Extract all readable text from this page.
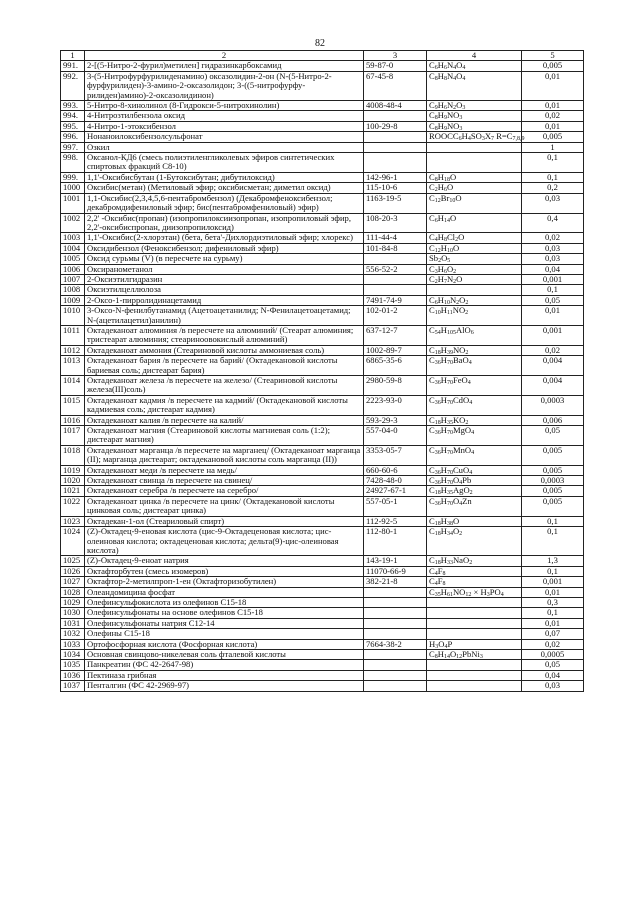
82
1	2	3	4	5
991.	2-[(5-Нитро-2-фурил)метилен] гидразинкарбоксамид	59-87-0	$C_6H_6N_4O_4$	0,005
992.	3-(5-Нитрофурфурилиденамино) оксазолидин-2-он (N-(5-Нитро-2-фурфурилиден)-3-амино-2-оксазолидон; 3-((5-нитрофурфу- рилиден)амино)-2-оксазолидинон)	67-45-8	$C_8H_8N_4O_4$	0,01
993.	5-Нитро-8-хинолинол (8-Гидрокси-5-нитрохинолин)	4008-48-4	$C_9H_6N_2O_3$	0,01
994.	4-Нитрозтилбензола оксид		$C_8H_9NO_3$	0,02
995.	4-Нитро-1-этоксибензол	100-29-8	$C_8H_9NO_3$	0,01
996.	Нонаноилоксибензолсульфонат		$ROOCC_6H_4SO_3X_7$ $R=C_{7,8,9}$	0,005
997.	Озкил			1
998.	Оксанол-КД6 (смесь полиэтиленгликолевых эфиров синтетических спиртовых фракций C8-10)			0,1
999.	1,1'-Оксибисбутан (1-Бутоксибутан; дибутилоксид)	142-96-1	$C_8H_{18}O$	0,1
1000	Оксибис(метан) (Метиловый эфир; оксибисметан; диметил оксид)	115-10-6	$C_2H_6O$	0,2
1001	1,1-Оксибис(2,3,4,5,6-пентабромбензол) (Декабромфеноксибензол; декабромдифениловый эфир; бис(пентабромфениловый) эфир)	1163-19-5	$C_{12}Br_{10}O$	0,03
1002	2,2' -Оксибис(пропан) (изопропилоксиизопропан, изопропиловый эфир, 2,2'-оксибиспропан, диизопропилоксид)	108-20-3	$C_6H_{14}O$	0,4
1003	1,1'-Оксибис(2-хлорэтан) (бета, бета'-Дихлордиэтиловый эфир; хлорекс)	111-44-4	$C_4H_8Cl_2O$	0,02
1004	Оксидибензол (Феноксибензол; дифениловый эфир)	101-84-8	$C_{12}H_{10}O$	0,03
1005	Оксид сурьмы (V) (в пересчете на сурьму)		$Sb_2O_5$	0,03
1006	Оксиранометанол	556-52-2	$C_3H_6O_2$	0,04
1007	2-Оксиэтилгидразин		$C_2H_7N_2O$	0,001
1008	Оксиэтилцеллюлоза			0,1
1009	2-Оксо-1-пирролидинацетамид	7491-74-9	$C_6H_{10}N_2O_2$	0,05
1010	3-Оксо-N-фенилбутанамид (Ацетоацетанилид; N-Фенилацетоацетамид; N-(ацетилацетил)анилин)	102-01-2	$C_{10}H_{11}NO_2$	0,01
1011	Октадеканоат алюминия /в пересчете на алюминий/ (Стеарат алюминия; тристеарат алюминия; стеариноовокислый алюминий)	637-12-7	$C_{54}H_{105}AlO_6$	0,001
1012	Октадеканоат аммония (Стеариновой кислоты аммониевая соль)	1002-89-7	$C_{18}H_{39}NO_2$	0,02
1013	Октадеканоат бария /в пересчете на барий/ (Октадекановой кислоты бариевая соль; дистеарат бария)	6865-35-6	$C_{36}H_{70}BaO_4$	0,004
1014	Октадеканоат железа /в пересчете на железо/ (Стеариновой кислоты железа(III)соль)	2980-59-8	$C_{36}H_{70}FeO_4$	0,004
1015	Октадеканоат кадмия /в пересчете на кадмий/ (Октадекановой кислоты кадмиевая соль; дистеарат кадмия)	2223-93-0	$C_{36}H_{70}CdO_4$	0,0003
1016	Октадеканоат калия /в пересчете на калий/	593-29-3	$C_{18}H_{35}KO_2$	0,006
1017	Октадеканоат магния (Стеариновой кислоты магниевая соль (1:2); дистеарат магния)	557-04-0	$C_{36}H_{70}MgO_4$	0,05
1018	Октадеканоат марганца /в пересчете на марганец/ (Октадеканоат марганца (II); марганца дистеарат; октадекановой кислоты соль марганца (II))	3353-05-7	$C_{36}H_{70}MnO_4$	0,005
1019	Октадеканоат меди /в пересчете на медь/	660-60-6	$C_{36}H_{70}CuO_4$	0,005
1020	Октадеканоат свинца /в пересчете на свинец/	7428-48-0	$C_{36}H_{70}O_4Pb$	0,0003
1021	Октадеканоат серебра /в пересчете на серебро/	24927-67-1	$C_{18}H_{35}AgO_2$	0,005
1022	Октадеканоат цинка /в пересчете на цинк/ (Октадекановой кислоты цинковая соль; дистеарат цинка)	557-05-1	$C_{36}H_{70}O_4Zn$	0,005
1023	Октадекан-1-ол (Стеариловый спирт)	112-92-5	$C_{18}H_{38}O$	0,1
1024	(Z)-Октадец-9-еновая кислота (цис-9-Октадеценовая кислота; цис-олеиновая кислота; октадеценовая кислота; дельта(9)-цис-олеиновая кислота)	112-80-1	$C_{18}H_{34}O_2$	0,1
1025	(Z)-Октадец-9-еноат натрия	143-19-1	$C_{18}H_{33}NaO_2$	1,3
1026	Октафторбутен (смесь изомеров)	11070-66-9	$C_4F_8$	0,1
1027	Октафтор-2-метилпроп-1-ен (Октафторизобутилен)	382-21-8	$C_4F_8$	0,001
1028	Олеандомицина фосфат		$C_{35}H_{61}NO_{12} \times H_3PO_4$	0,01
1029	Олефинсульфокислота из олефинов C15-18			0,3
1030	Олефинсульфонаты на основе олефинов C15-18			0,1
1031	Олефинсульфонаты натрия C12-14			0,01
1032	Олефины C15-18			0,07
1033	Ортофосфорная кислота (Фосфорная кислота)	7664-38-2	$H_3O_4P$	0,02
1034	Основная свинцово-никелевая соль фталевой кислоты		$C_8H_{14}O_{12}PbNi_3$	0,0005
1035	Панкреатин (ФС 42-2647-98)			0,05
1036	Пектиназа грибная			0,04
1037	Пенталгин (ФС 42-2969-97)			0,03
